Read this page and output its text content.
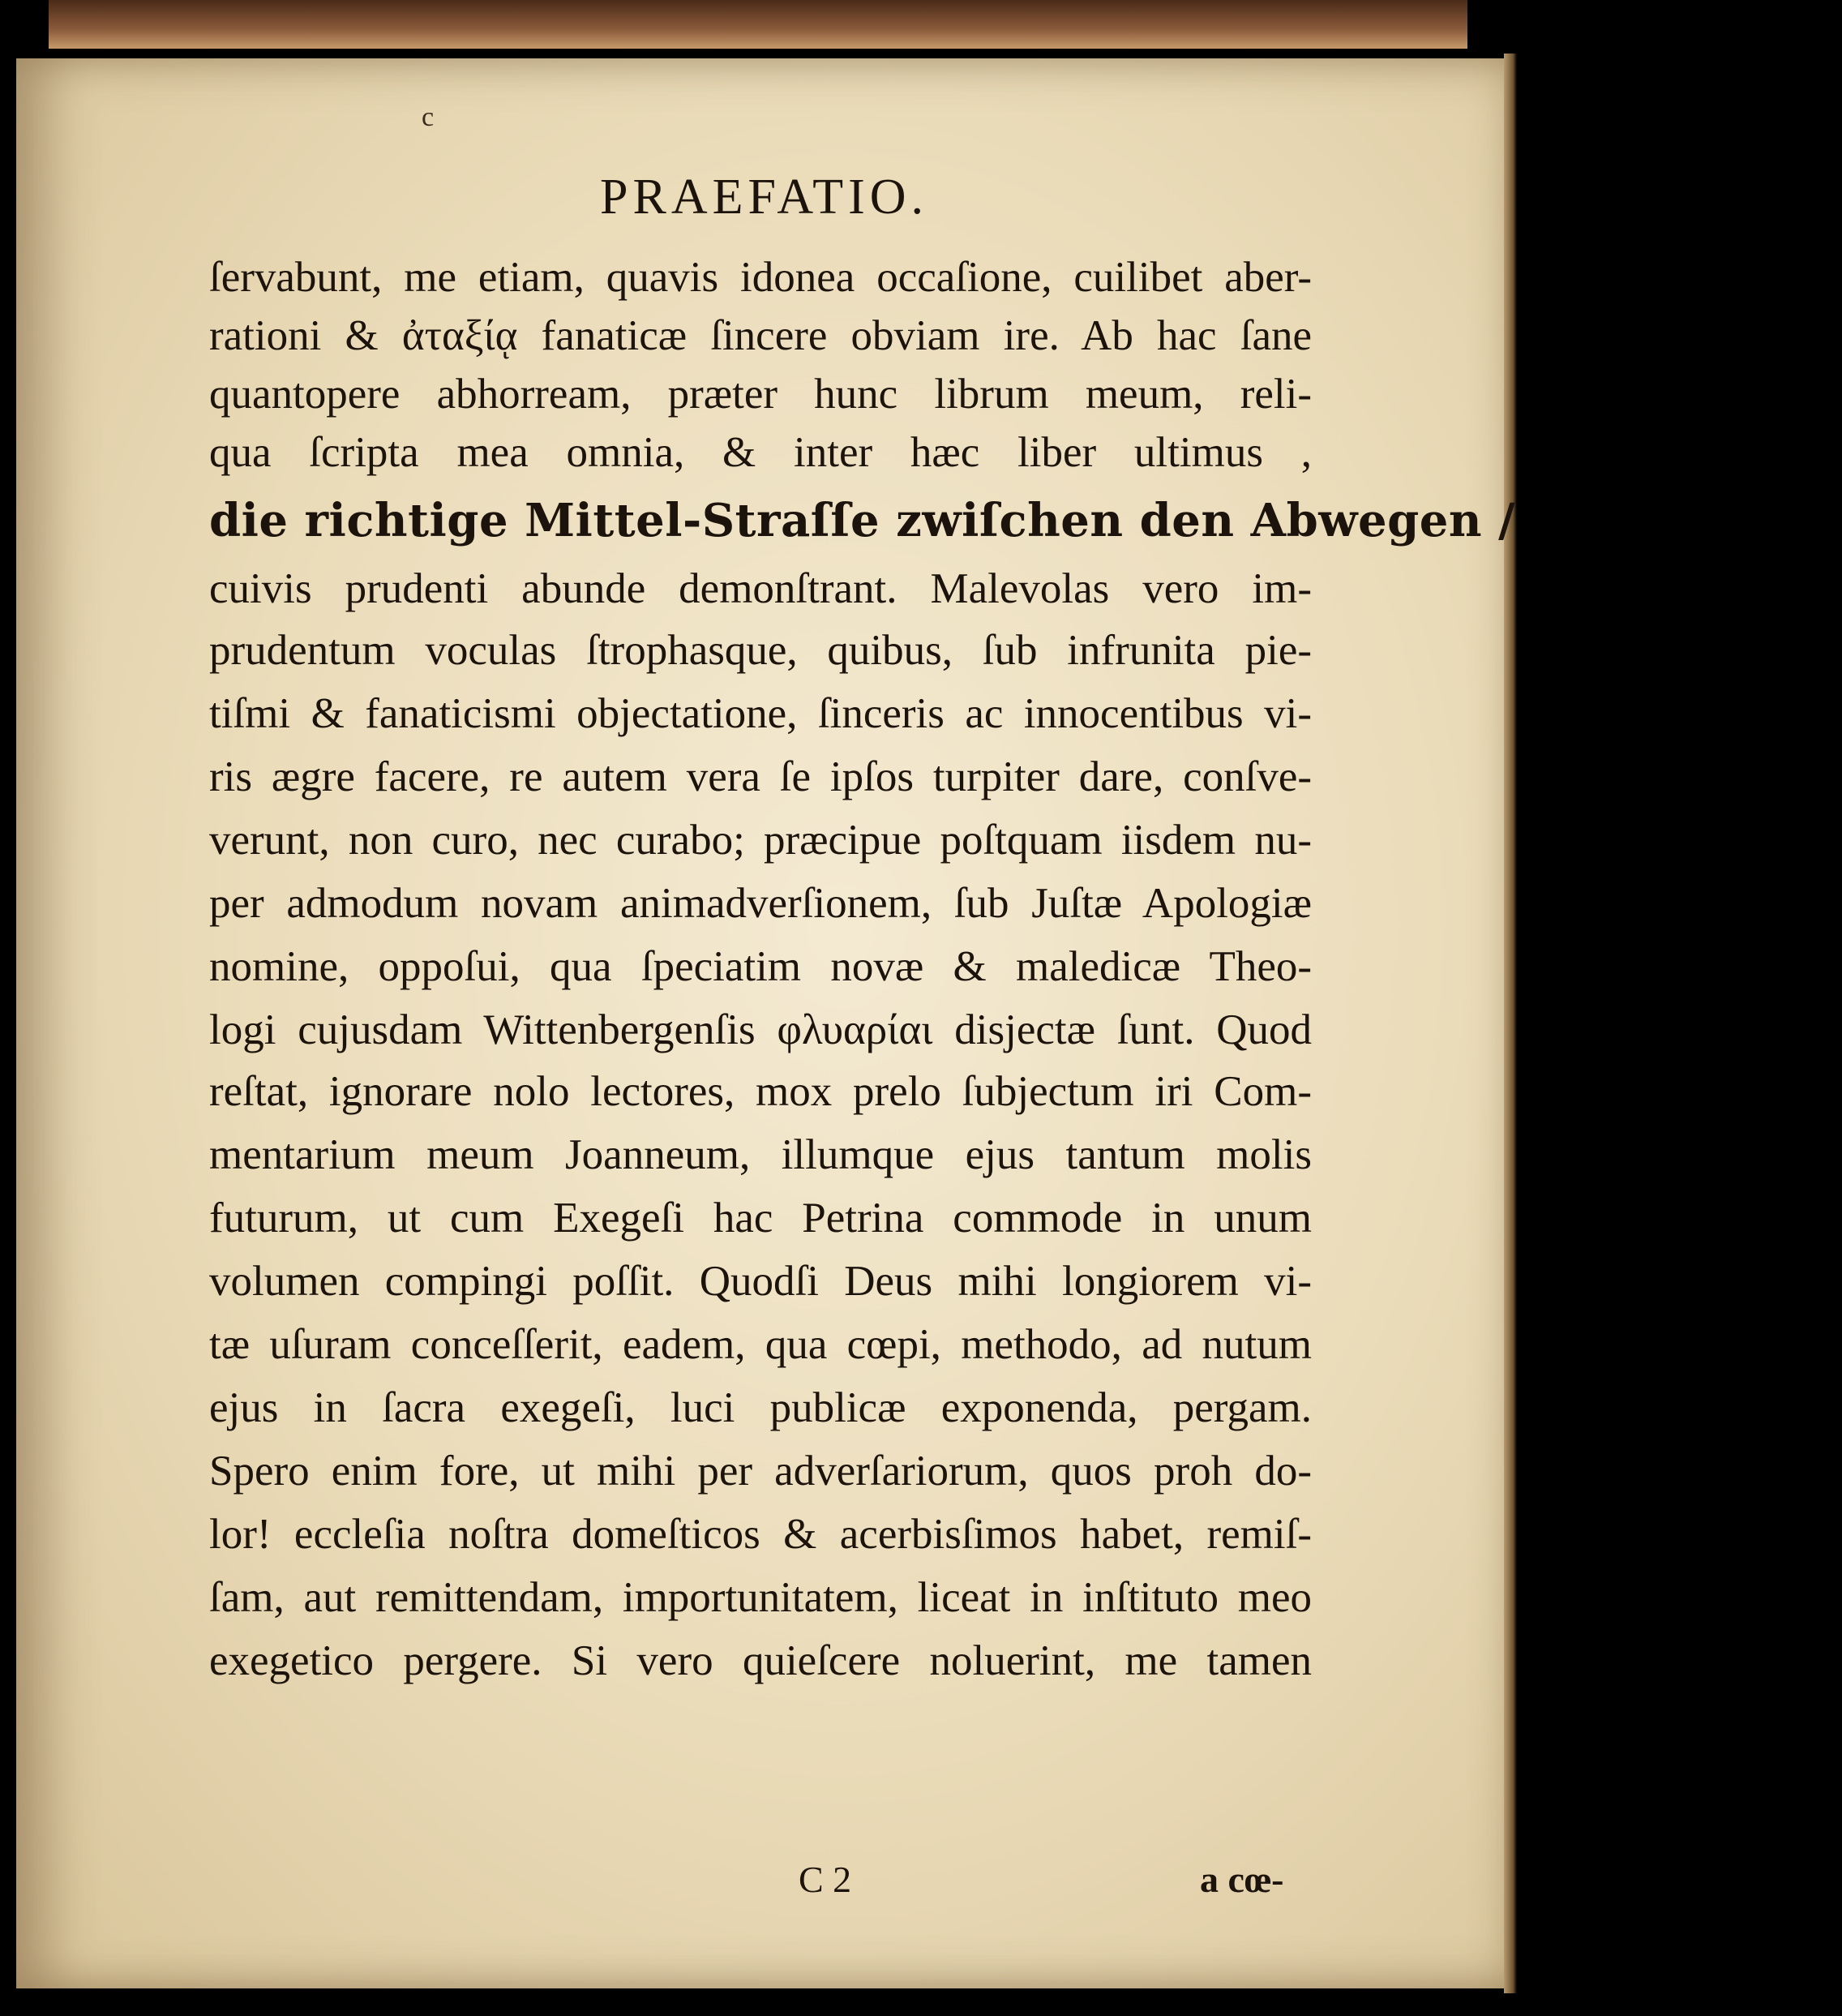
c
PRAEFATIO.
ſervabunt, me etiam, quavis idonea occaſione, cuilibet aber-
rationi & ἀταξίᾳ fanaticæ ſincere obviam ire. Ab hac ſane
quantopere abhorream, præter hunc librum meum, reli-
qua ſcripta mea omnia, & inter hæc liber ultimus ,
die richtige Mittel-Straſſe zwiſchen den Abwegen /
cuivis prudenti abunde demonſtrant. Malevolas vero im-
prudentum voculas ſtrophasque, quibus, ſub infrunita pie-
tiſmi & fanaticismi objectatione, ſinceris ac innocentibus vi-
ris ægre facere, re autem vera ſe ipſos turpiter dare, conſve-
verunt, non curo, nec curabo; præcipue poſtquam iisdem nu-
per admodum novam animadverſionem, ſub Juſtæ Apologiæ
nomine, oppoſui, qua ſpeciatim novæ & maledicæ Theo-
logi cujusdam Wittenbergenſis φλυαρίαι disjectæ ſunt. Quod
reſtat, ignorare nolo lectores, mox prelo ſubjectum iri Com-
mentarium meum Joanneum, illumque ejus tantum molis
futurum, ut cum Exegeſi hac Petrina commode in unum
volumen compingi poſſit. Quodſi Deus mihi longiorem vi-
tæ uſuram conceſſerit, eadem, qua cœpi, methodo, ad nutum
ejus in ſacra exegeſi, luci publicæ exponenda, pergam.
Spero enim fore, ut mihi per adverſariorum, quos proh do-
lor! eccleſia noſtra domeſticos & acerbisſimos habet, remiſ-
ſam, aut remittendam, importunitatem, liceat in inſtituto meo
exegetico pergere. Si vero quieſcere noluerint, me tamen
C 2	a cœ-
